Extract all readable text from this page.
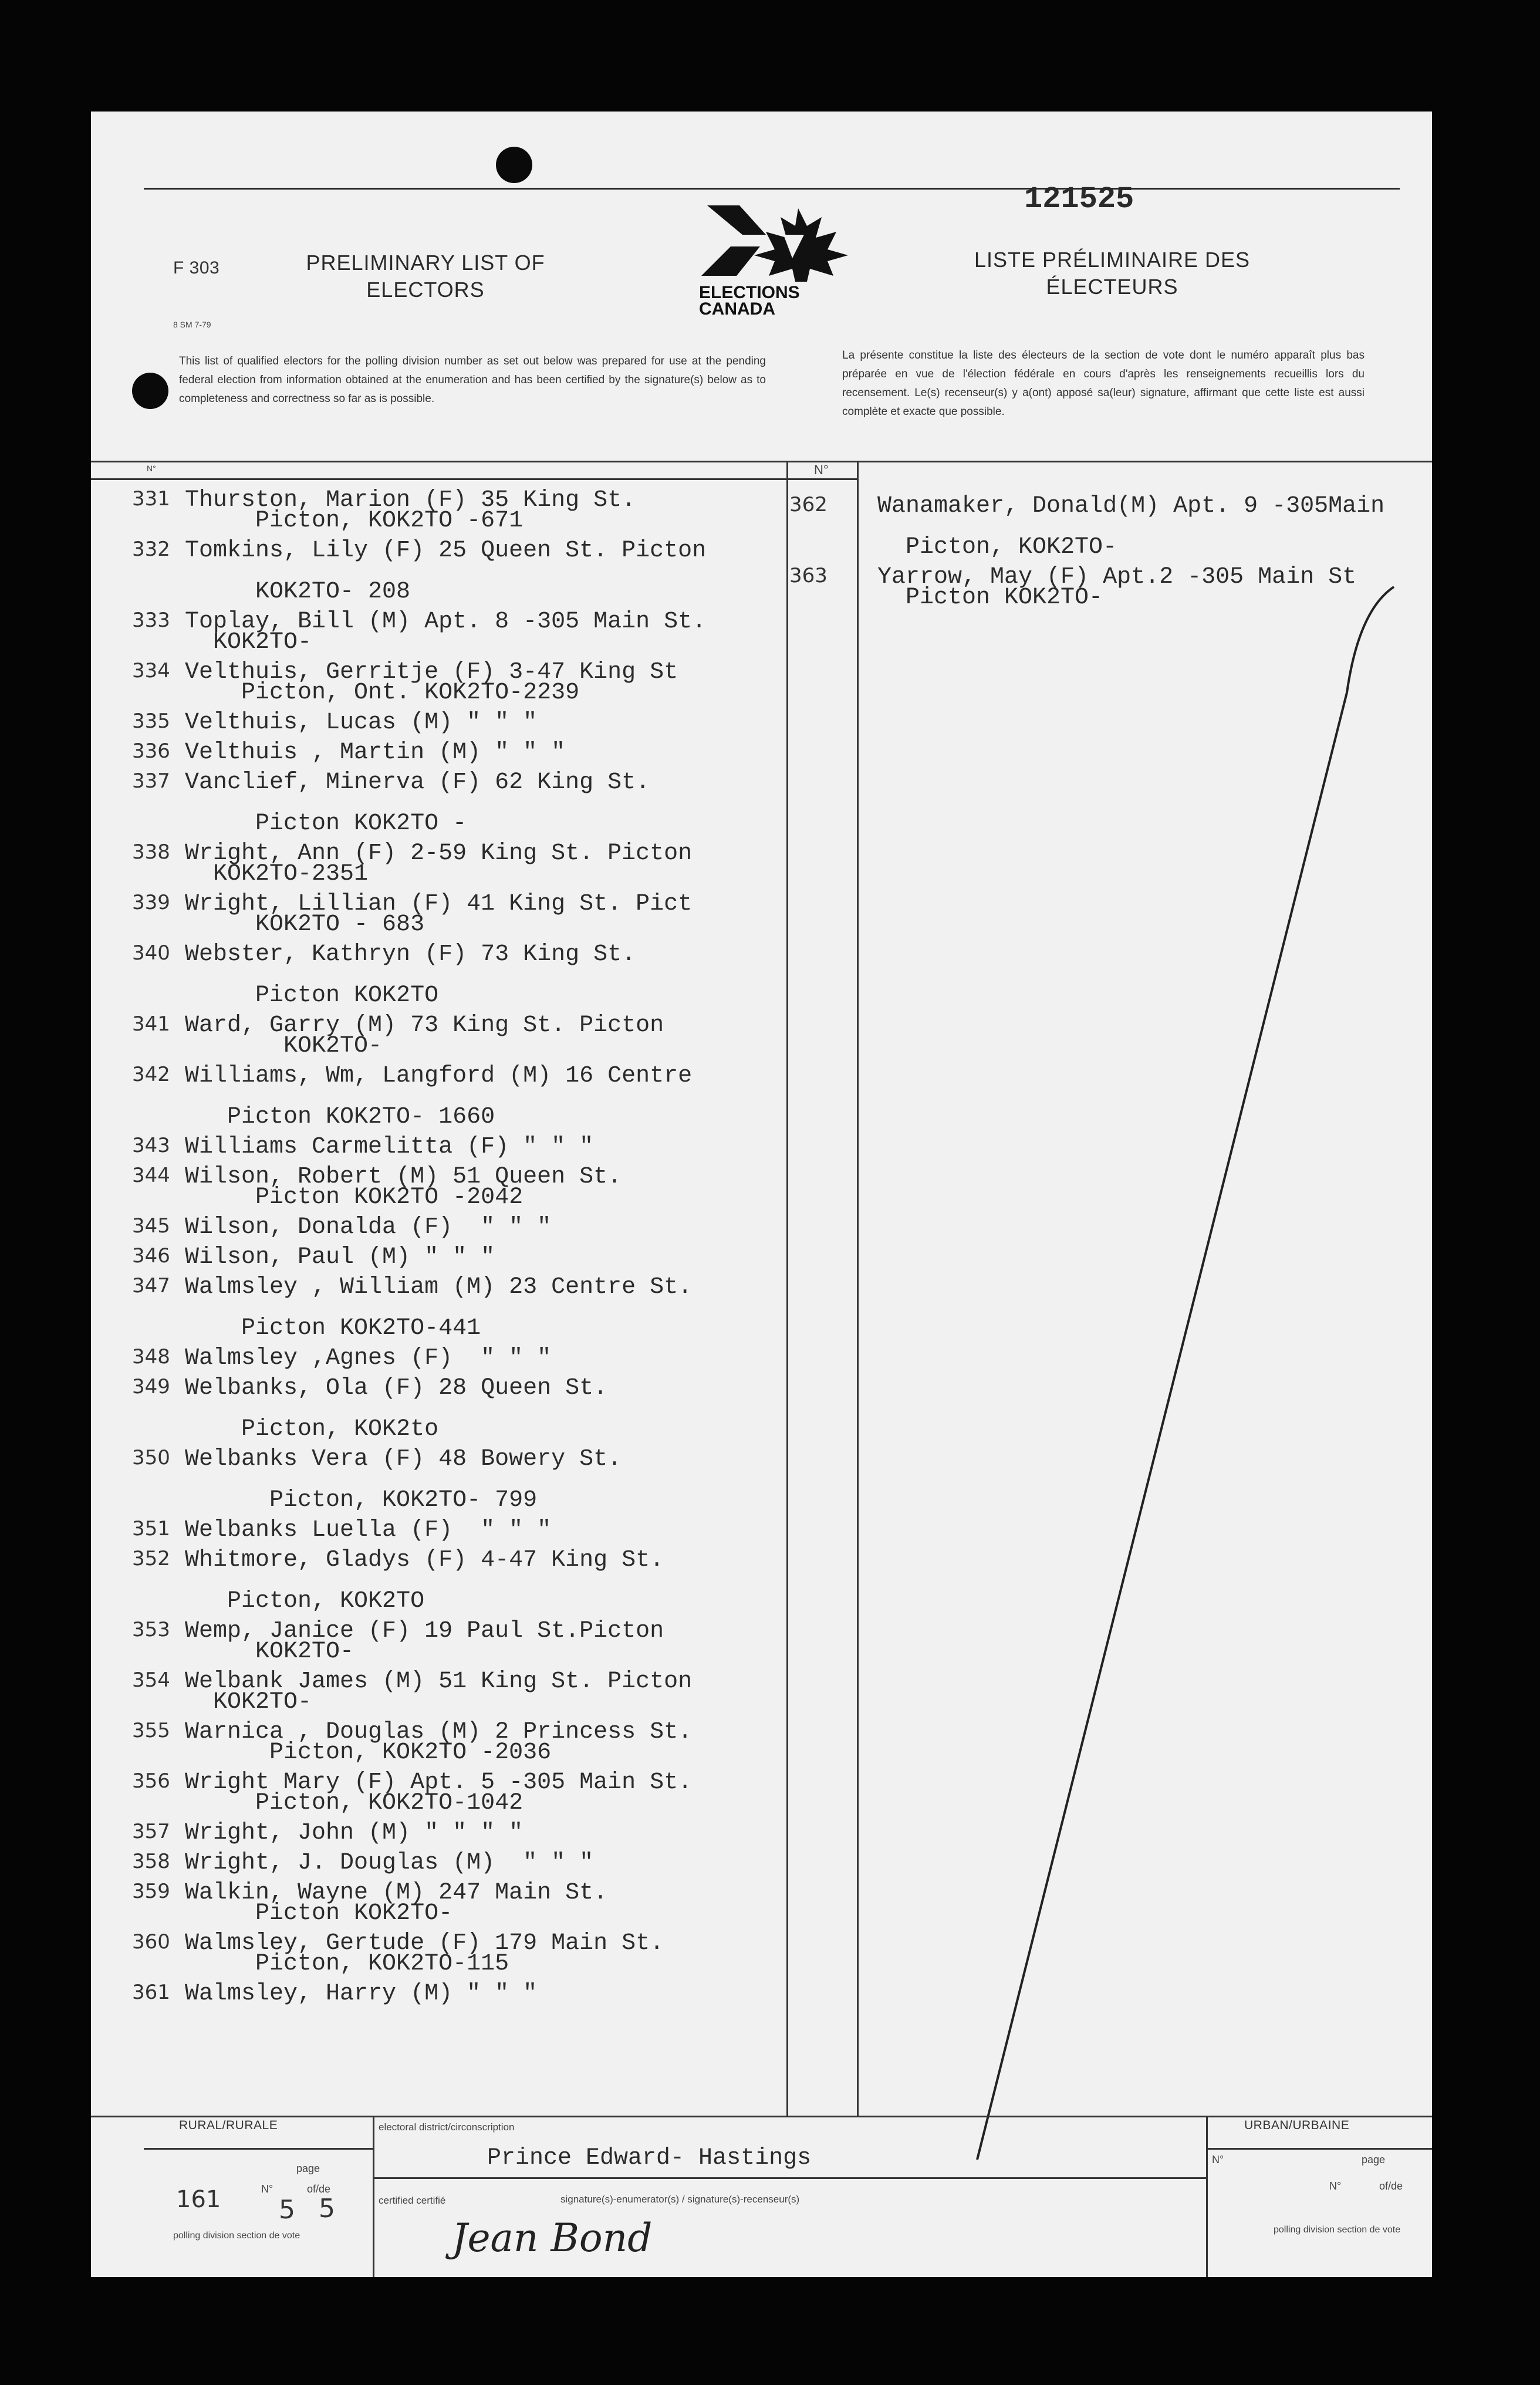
121525
F 303
8 SM 7-79
PRELIMINARY LIST OF
ELECTORS
LISTE PRÉLIMINAIRE DES
ÉLECTEURS
ELECTIONS
CANADA
This list of qualified electors for the polling division number as set out below was prepared for use at the pending federal election from information obtained at the enumeration and has been certified by the signature(s) below as to completeness and correctness so far as is possible.
La présente constitue la liste des électeurs de la section de vote dont le numéro apparaît plus bas préparée en vue de l'élection fédérale en cours d'après les renseignements recueillis lors du recensement. Le(s) recenseur(s) y a(ont) apposé sa(leur) signature, affirmant que cette liste est aussi complète et exacte que possible.
N°	N°
331 Thurston, Marion (F) 35 King St.
Picton, KOK2TO -671
332 Tomkins, Lily (F) 25 Queen St. Picton
KOK2TO- 208
333 Toplay, Bill (M) Apt. 8 -305 Main St.
KOK2TO-
334 Velthuis, Gerritje (F) 3-47 King St
Picton, Ont. KOK2TO-2239
335 Velthuis, Lucas (M) " " "
336 Velthuis , Martin (M) " " "
337 Vanclief, Minerva (F) 62 King St.
Picton KOK2TO -
338 Wright, Ann (F) 2-59 King St. Picton
KOK2TO-2351
339 Wright, Lillian (F) 41 King St. Pict
KOK2TO - 683
340 Webster, Kathryn (F) 73 King St.
Picton KOK2TO
341 Ward, Garry (M) 73 King St. Picton
KOK2TO-
342 Williams, Wm, Langford (M) 16 Centre
Picton KOK2TO- 1660
343 Williams Carmelitta (F) " " "
344 Wilson, Robert (M) 51 Queen St.
Picton KOK2TO -2042
345 Wilson, Donalda (F)  " " "
346 Wilson, Paul (M) " " "
347 Walmsley , William (M) 23 Centre St.
Picton KOK2TO-441
348 Walmsley ,Agnes (F)  " " "
349 Welbanks, Ola (F) 28 Queen St.
Picton, KOK2to
350 Welbanks Vera (F) 48 Bowery St.
Picton, KOK2TO- 799
351 Welbanks Luella (F)  " " "
352 Whitmore, Gladys (F) 4-47 King St.
Picton, KOK2TO
353 Wemp, Janice (F) 19 Paul St.Picton
KOK2TO-
354 Welbank James (M) 51 King St. Picton
KOK2TO-
355 Warnica , Douglas (M) 2 Princess St.
Picton, KOK2TO -2036
356 Wright Mary (F) Apt. 5 -305 Main St.
Picton, KOK2TO-1042
357 Wright, John (M) " " " "
358 Wright, J. Douglas (M)  " " "
359 Walkin, Wayne (M) 247 Main St.
Picton KOK2TO-
360 Walmsley, Gertude (F) 179 Main St.
Picton, KOK2TO-115
361 Walmsley, Harry (M) " " "
362 Wanamaker, Donald(M) Apt. 9 -305Main
Picton, KOK2TO-
363 Yarrow, May (F) Apt.2 -305 Main St
Picton KOK2TO-
RURAL/RURALE
page
161	N°	of/de
5 5
polling division section de vote
electoral district/circonscription
Prince Edward- Hastings
certified certifié	signature(s)-enumerator(s) / signature(s)-recenseur(s)
Jean Bond
URBAN/URBAINE
N°	page
N°	of/de
polling division section de vote
